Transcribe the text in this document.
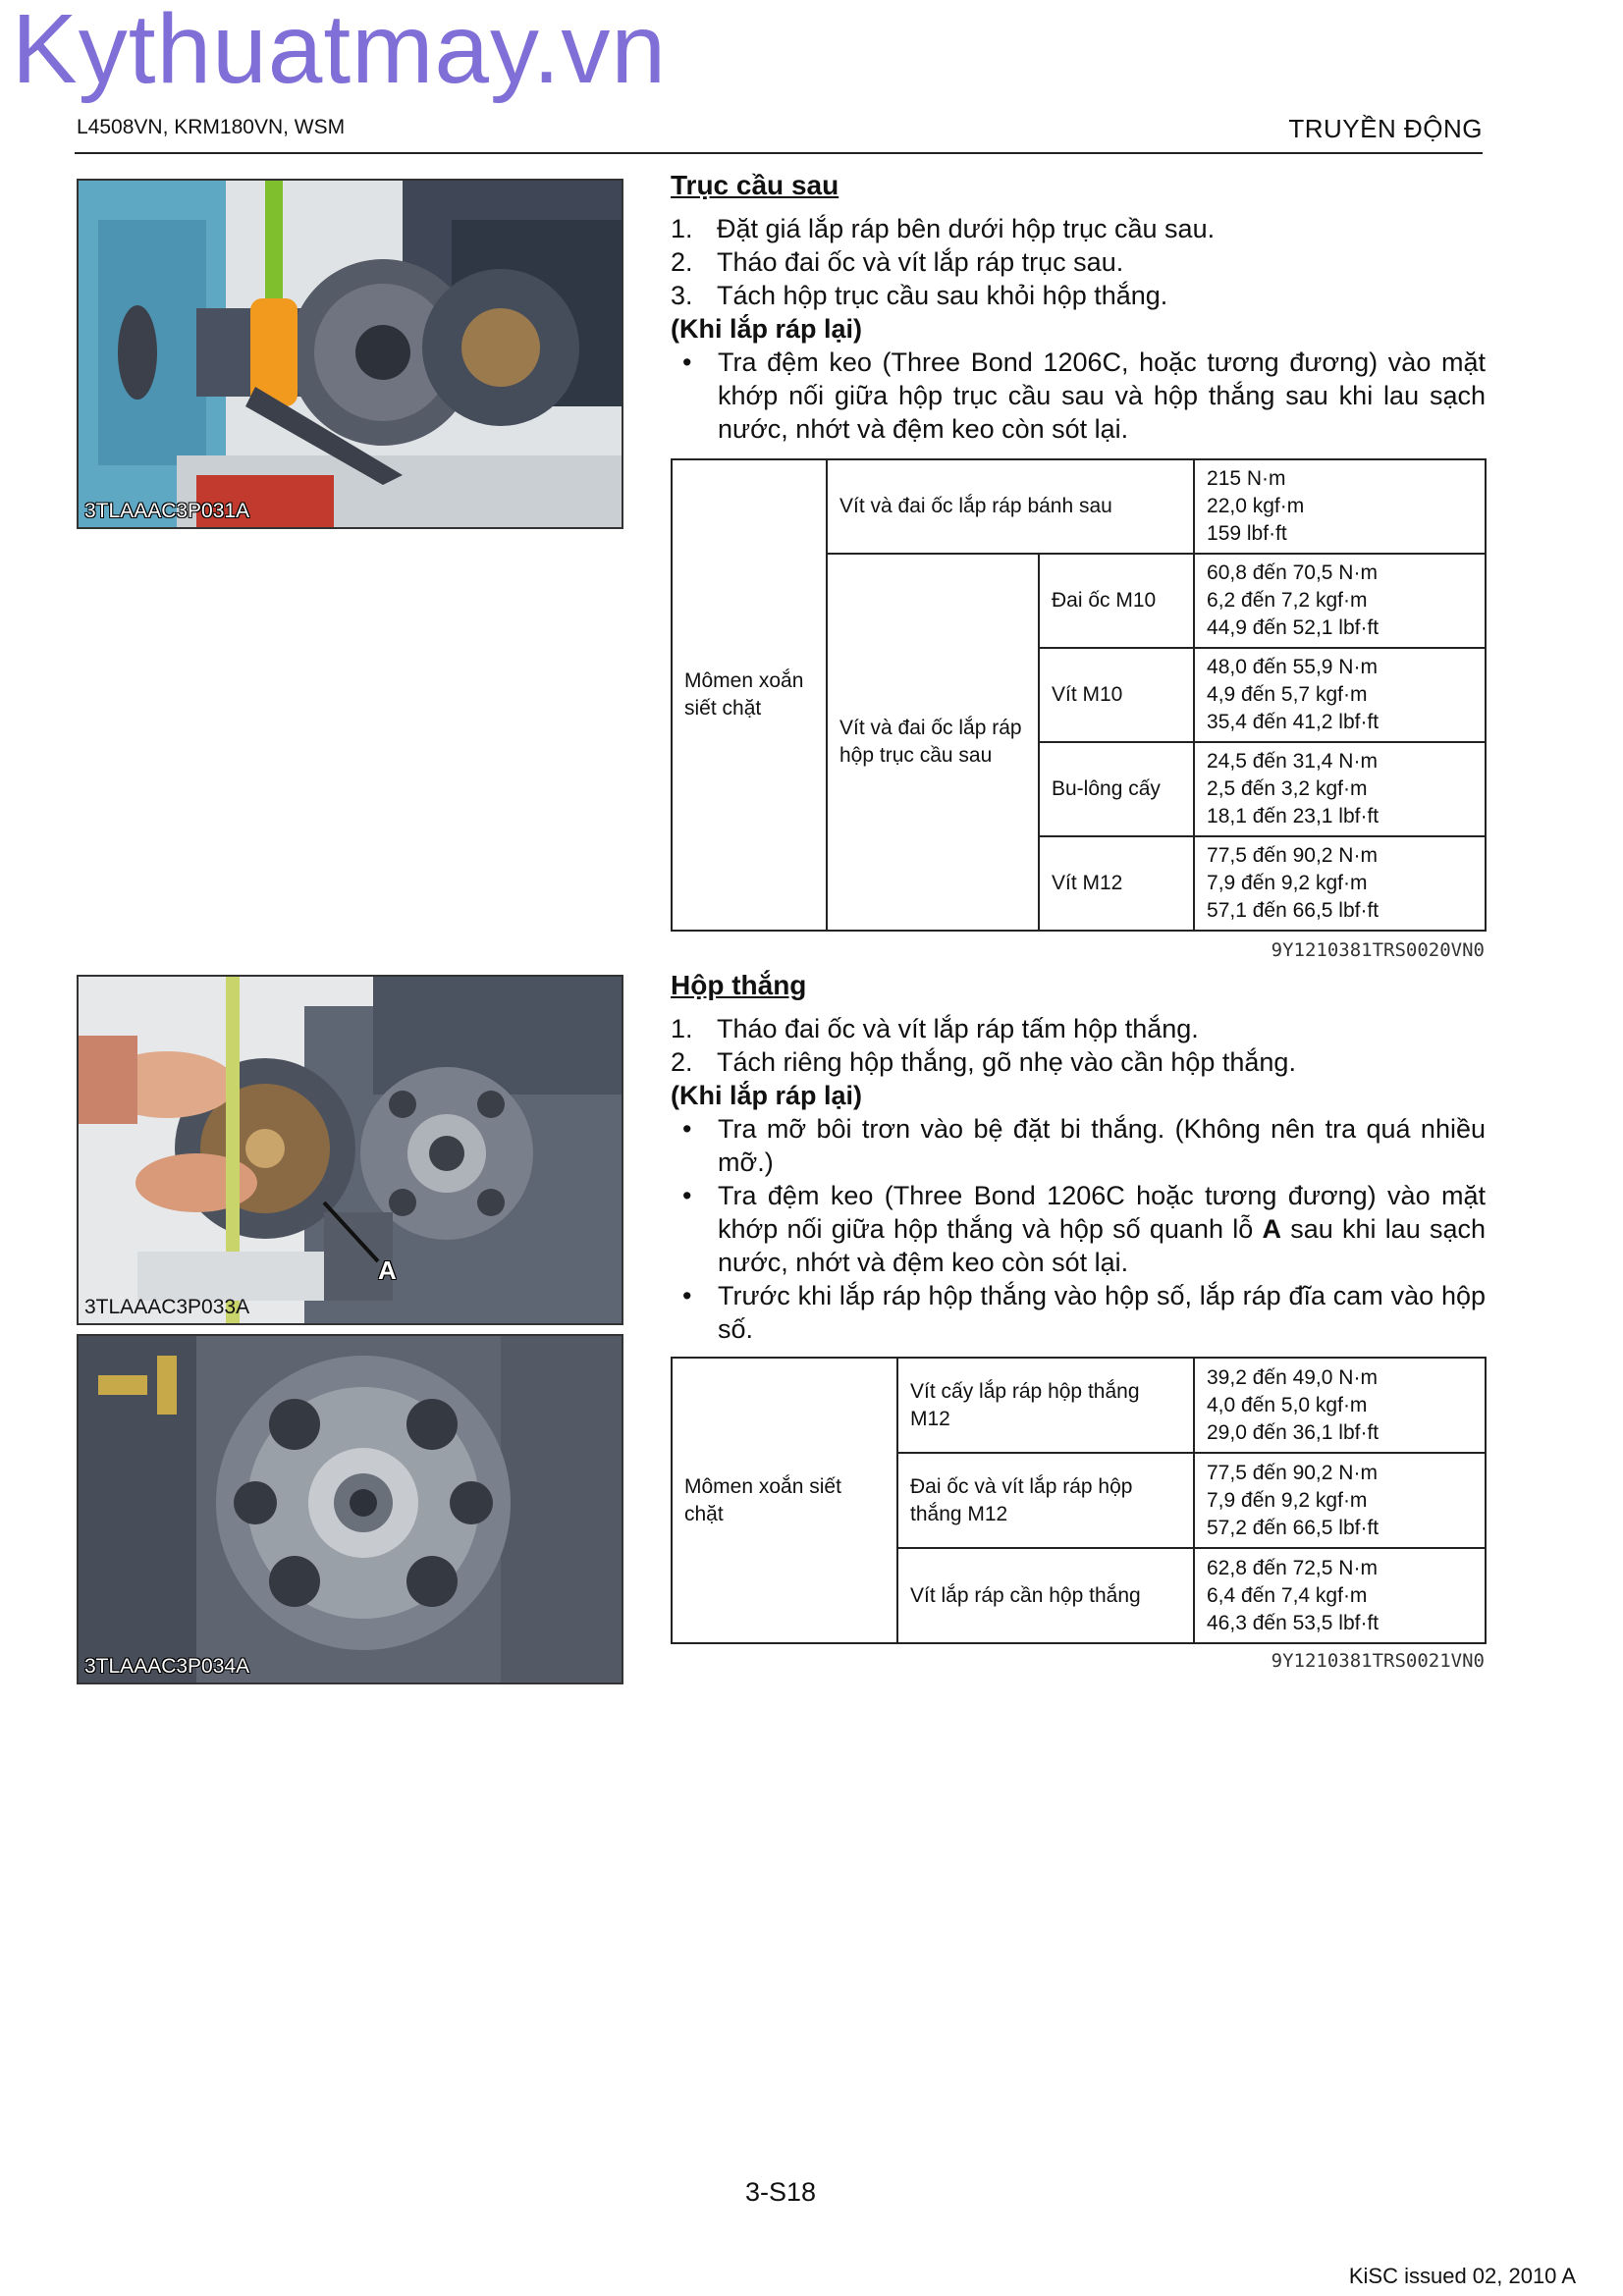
Kythuatmay.vn
L4508VN, KRM180VN, WSM	TRUYỀN ĐỘNG
3TLAAAC3P031A
A
3TLAAAC3P033A
3TLAAAC3P034A
Trục cầu sau
1. Đặt giá lắp ráp bên dưới hộp trục cầu sau.
2. Tháo đai ốc và vít lắp ráp trục sau.
3. Tách hộp trục cầu sau khỏi hộp thắng.
(Khi lắp ráp lại)
• Tra đệm keo (Three Bond 1206C, hoặc tương đương) vào mặt khớp nối giữa hộp trục cầu sau và hộp thắng sau khi lau sạch nước, nhớt và đệm keo còn sót lại.
Mômen xoắn siết chặt	Vít và đai ốc lắp ráp bánh sau		215 N·m
22,0 kgf·m
159 lbf·ft

	Vít và đai ốc lắp ráp hộp trục cầu sau	Đai ốc M10	60,8 đến 70,5 N·m
6,2 đến 7,2 kgf·m
44,9 đến 52,1 lbf·ft

		Vít M10	48,0 đến 55,9 N·m
4,9 đến 5,7 kgf·m
35,4 đến 41,2 lbf·ft

		Bu-lông cấy	24,5 đến 31,4 N·m
2,5 đến 3,2 kgf·m
18,1 đến 23,1 lbf·ft

		Vít M12	77,5 đến 90,2 N·m
7,9 đến 9,2 kgf·m
57,1 đến 66,5 lbf·ft
9Y1210381TRS0020VN0
Hộp thắng
1. Tháo đai ốc và vít lắp ráp tấm hộp thắng.
2. Tách riêng hộp thắng, gõ nhẹ vào cần hộp thắng.
(Khi lắp ráp lại)
• Tra mỡ bôi trơn vào bệ đặt bi thắng. (Không nên tra quá nhiều mỡ.)
• Tra đệm keo (Three Bond 1206C hoặc tương đương) vào mặt khớp nối giữa hộp thắng và hộp số quanh lỗ A sau khi lau sạch nước, nhớt và đệm keo còn sót lại.
• Trước khi lắp ráp hộp thắng vào hộp số, lắp ráp đĩa cam vào hộp số.
Mômen xoắn siết chặt	Vít cấy lắp ráp hộp thắng M12	39,2 đến 49,0 N·m
4,0 đến 5,0 kgf·m
29,0 đến 36,1 lbf·ft

	Đai ốc và vít lắp ráp hộp thắng M12	77,5 đến 90,2 N·m
7,9 đến 9,2 kgf·m
57,2 đến 66,5 lbf·ft

	Vít lắp ráp cần hộp thắng	62,8 đến 72,5 N·m
6,4 đến 7,4 kgf·m
46,3 đến 53,5 lbf·ft
9Y1210381TRS0021VN0
3-S18
KiSC issued 02, 2010 A
